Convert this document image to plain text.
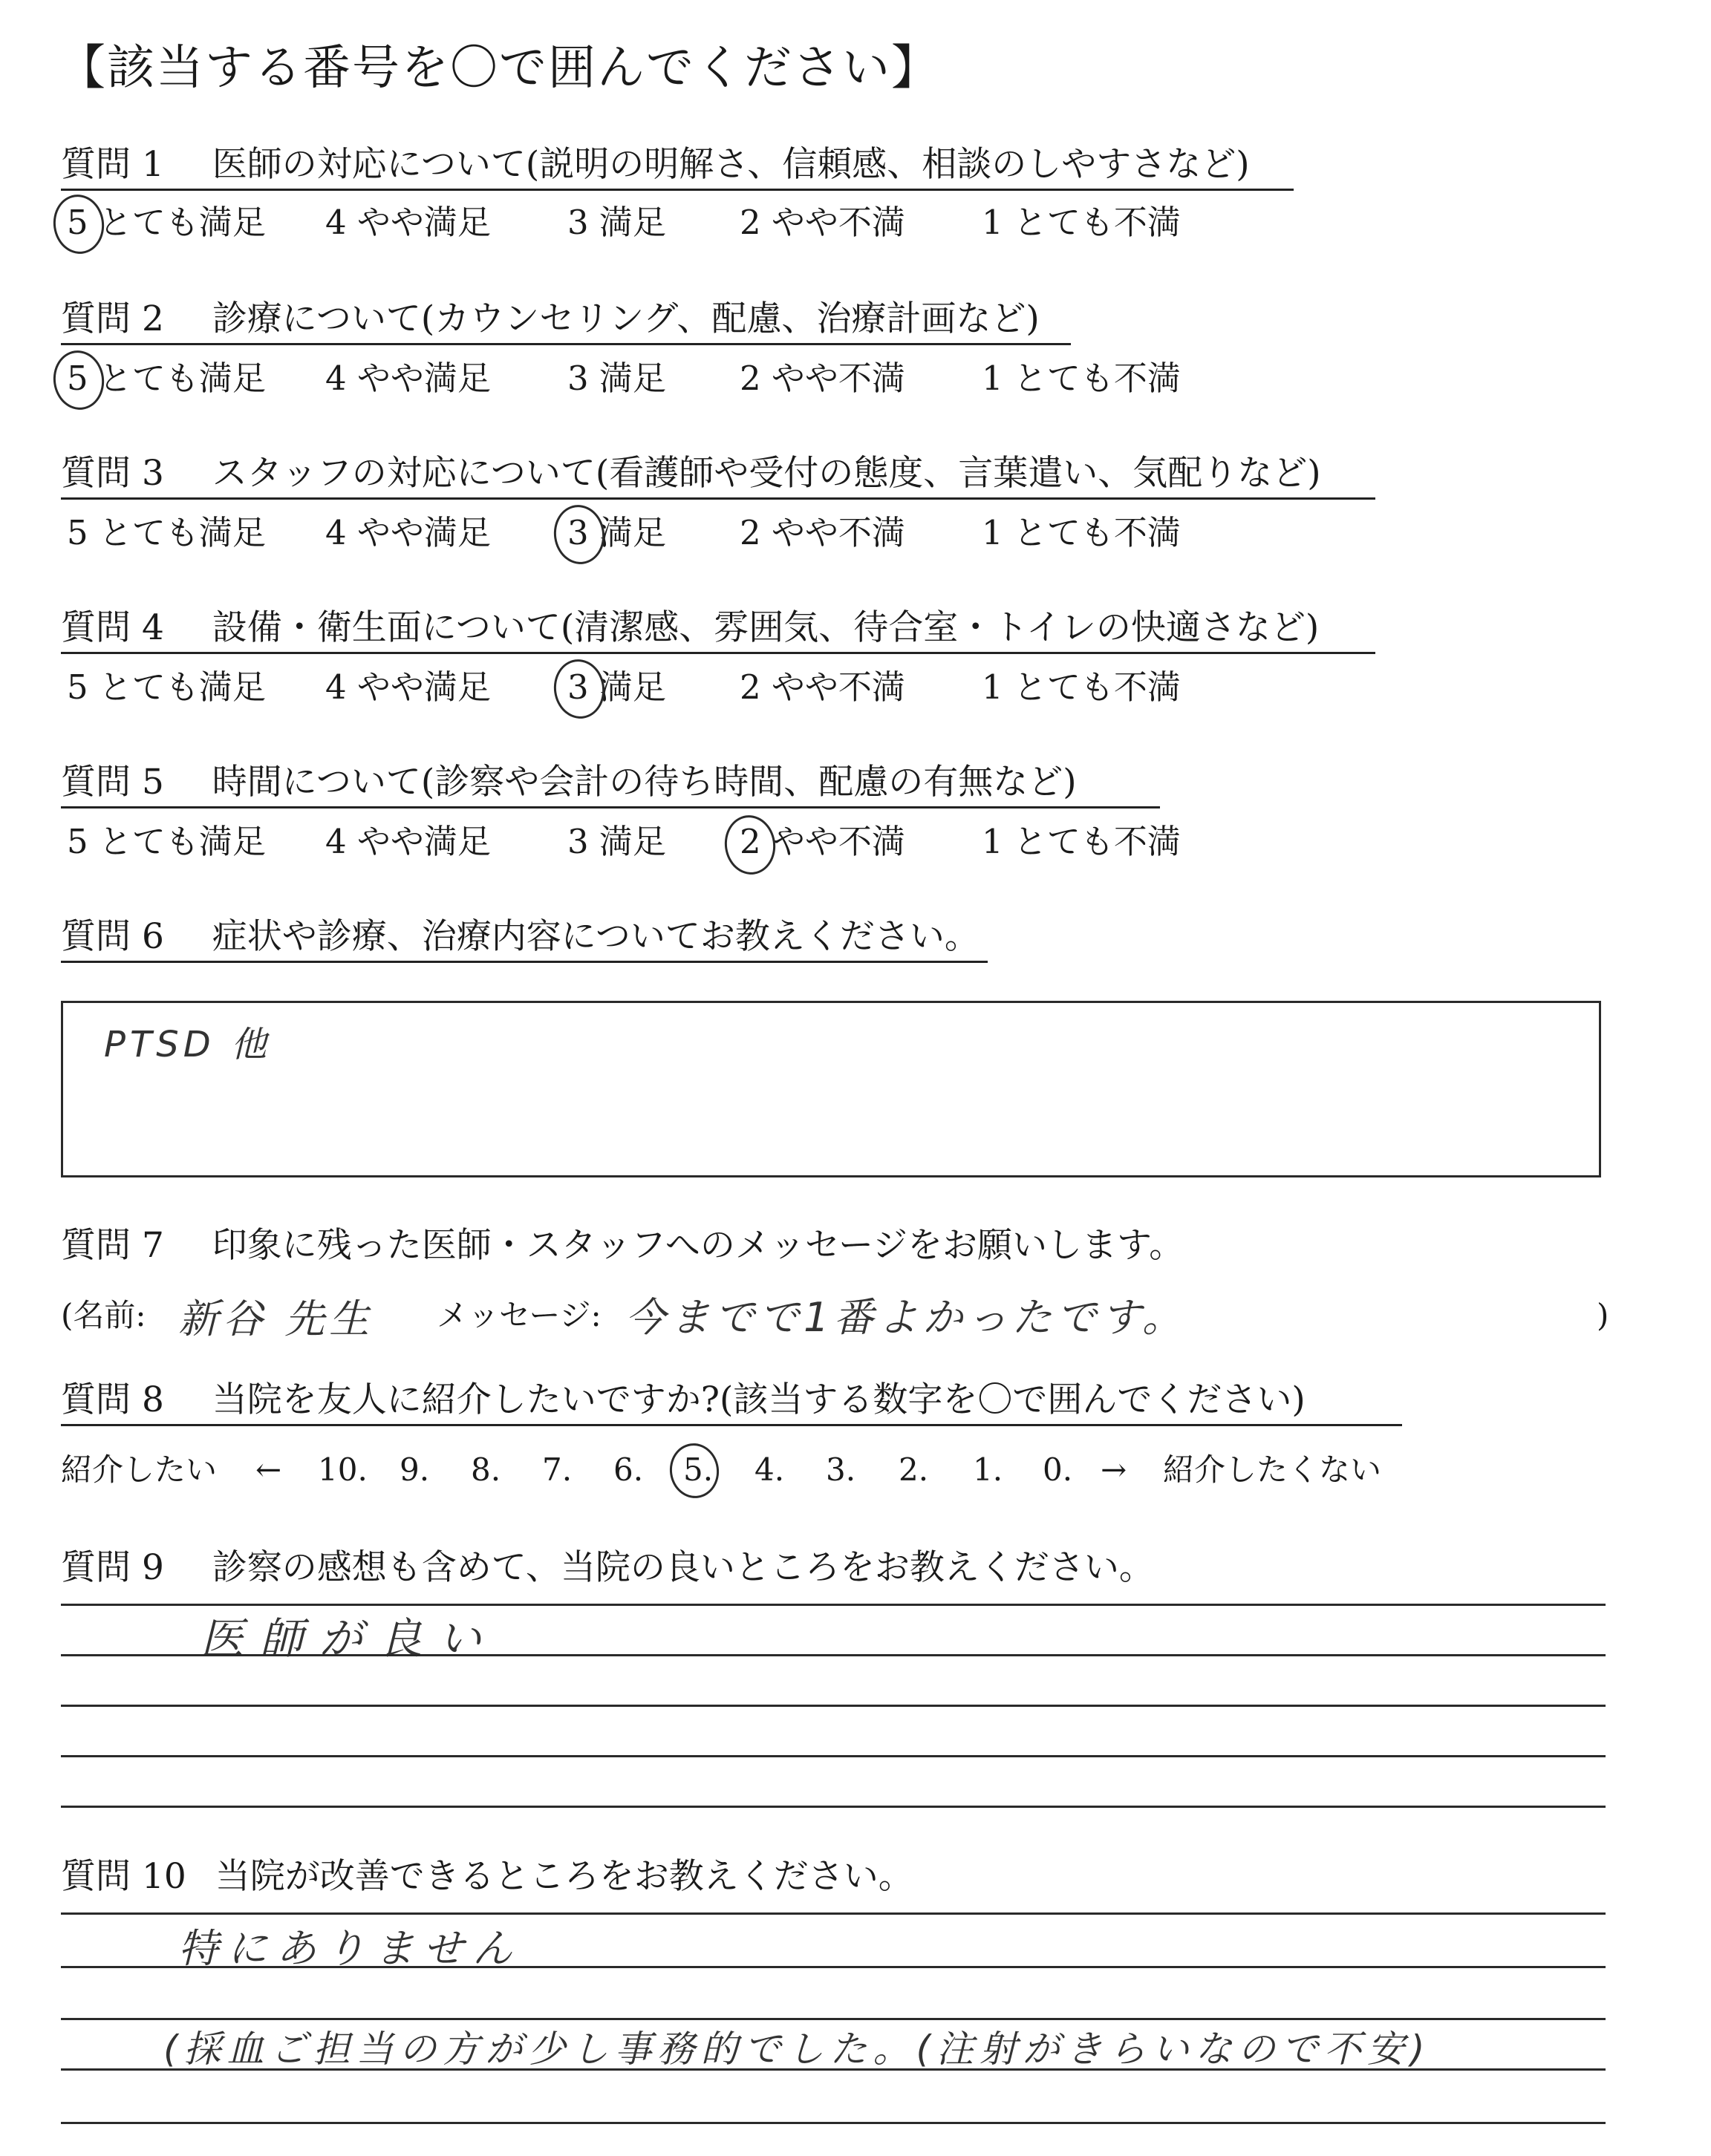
【該当する番号を〇で囲んでください】
質問 1 医師の対応について(説明の明解さ、信頼感、相談のしやすさなど)
5 とても満足 4 やや満足 3 満足 2 やや不満 1 とても不満
質問 2 診療について(カウンセリング、配慮、治療計画など)
5 とても満足 4 やや満足 3 満足 2 やや不満 1 とても不満
質問 3 スタッフの対応について(看護師や受付の態度、言葉遣い、気配りなど)
5 とても満足 4 やや満足 3 満足 2 やや不満 1 とても不満
質問 4 設備・衛生面について(清潔感、雰囲気、待合室・トイレの快適さなど)
5 とても満足 4 やや満足 3 満足 2 やや不満 1 とても不満
質問 5 時間について(診察や会計の待ち時間、配慮の有無など)
5 とても満足 4 やや満足 3 満足 2 やや不満 1 とても不満
質問 6 症状や診療、治療内容についてお教えください。
PTSD 他
質問 7 印象に残った医師・スタッフへのメッセージをお願いします。
(名前: 新谷 先生 メッセージ: 今までで1番よかったです。	)
質問 8 当院を友人に紹介したいですか?(該当する数字を〇で囲んでください)
紹介したい ← 10. 9. 8. 7. 6. 5. 4. 3. 2. 1. 0. → 紹介したくない
質問 9 診察の感想も含めて、当院の良いところをお教えください。
医師が良い
質問 10 当院が改善できるところをお教えください。
特にありません
(採血ご担当の方が少し事務的でした。(注射がきらいなので不安)
